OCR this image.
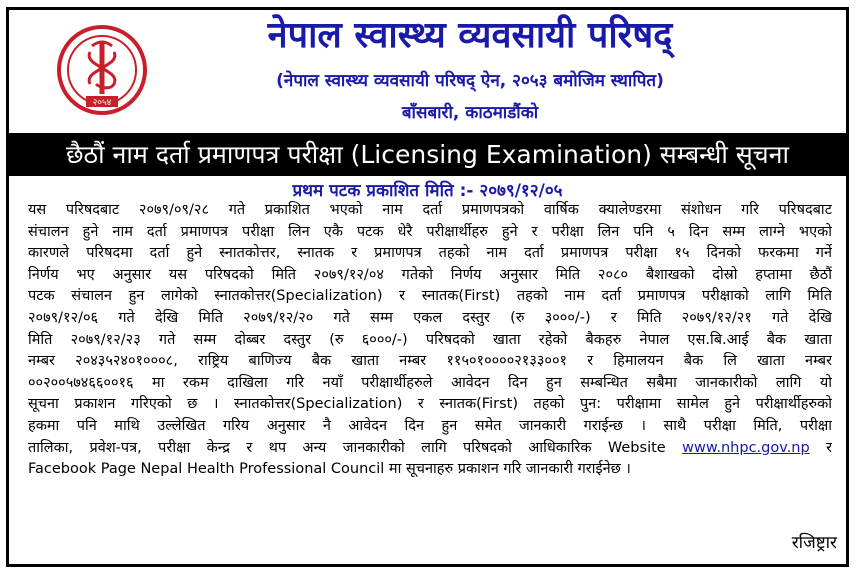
२०५४
नेपाल स्वास्थ्य व्यवसायी परिषद्
(नेपाल स्वास्थ्य व्यवसायी परिषद् ऐन, २०५३ बमोजिम स्थापित)
बाँसबारी, काठमाडौंको
छैठौं नाम दर्ता प्रमाणपत्र परीक्षा (Licensing Examination) सम्बन्धी सूचना
प्रथम पटक प्रकाशित मिति :- २०७९/१२/०५
यस परिषदबाट २०७९/०९/२८ गते प्रकाशित भएको नाम दर्ता प्रमाणपत्रको वार्षिक क्यालेण्डरमा संशोधन गरि परिषदबाट
संचालन हुने नाम दर्ता प्रमाणपत्र परीक्षा लिन एकै पटक धेरै परीक्षार्थीहरु हुने र परीक्षा लिन पनि ५ दिन सम्म लाग्ने भएको
कारणले परिषदमा दर्ता हुने स्नातकोत्तर, स्नातक र प्रमाणपत्र तहको नाम दर्ता प्रमाणपत्र परीक्षा १५ दिनको फरकमा गर्ने
निर्णय भए अनुसार यस परिषदको मिति २०७९/१२/०४ गतेको निर्णय अनुसार मिति २०८० बैशाखको दोस्रो हप्तामा छैठौं
पटक संचालन हुन लागेको स्नातकोत्तर(Specialization) र स्नातक(First) तहको नाम दर्ता प्रमाणपत्र परीक्षाको लागि मिति
२०७९/१२/०६ गते देखि मिति २०७९/१२/२० गते सम्म एकल दस्तुर (रु ३०००/-) र मिति २०७९/१२/२१ गते देखि
मिति २०७९/१२/२३ गते सम्म दोब्बर दस्तुर (रु ६०००/-) परिषदको खाता रहेको बैकहरु नेपाल एस.बि.आई बैक खाता
नम्बर २०४३५२४०१०००८, राष्ट्रिय बाणिज्य बैक खाता नम्बर ११५०१००००२१३३००१ र हिमालयन बैक लि खाता नम्बर
००२००५७४६६००१६ मा रकम दाखिला गरि नयाँ परीक्षार्थीहरुले आवेदन दिन हुन सम्बन्धित सबैमा जानकारीको लागि यो
सूचना प्रकाशन गरिएको छ । स्नातकोत्तर(Specialization) र स्नातक(First) तहको पुन: परीक्षामा सामेल हुने परीक्षार्थीहरुको
हकमा पनि माथि उल्लेखित गरिय अनुसार नै आवेदन दिन हुन समेत जानकारी गराईन्छ । साथै परीक्षा मिति, परीक्षा
तालिका, प्रवेश-पत्र, परीक्षा केन्द्र र थप अन्य जानकारीको लागि परिषदको आधिकारिक Website www.nhpc.gov.np र
Facebook Page Nepal Health Professional Council मा सूचनाहरु प्रकाशन गरि जानकारी गराईनेछ ।
रजिष्ट्रार
